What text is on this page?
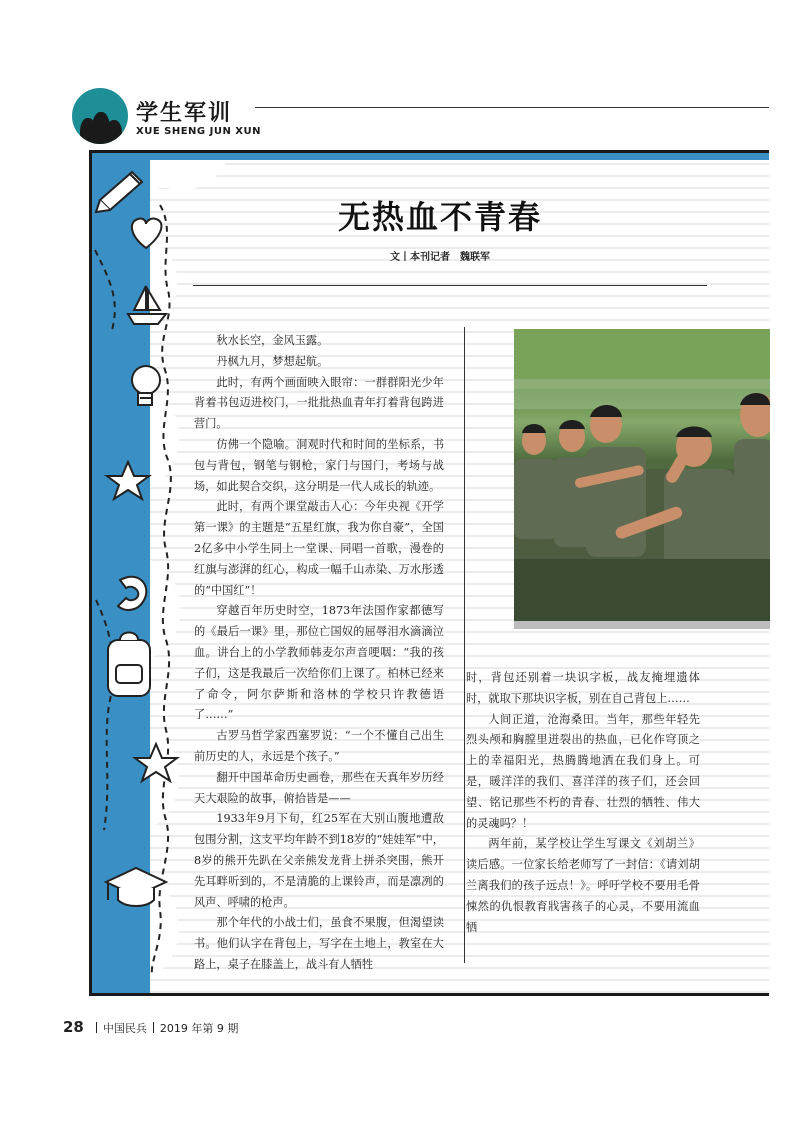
学生军训
XUE SHENG JUN XUN
无热血不青春
文丨本刊记者　魏联军

秋水长空，金风玉露。

丹枫九月，梦想起航。

此时，有两个画面映入眼帘：一群群阳光少年背着书包迈进校门，一批批热血青年打着背包跨进营门。

仿佛一个隐喻。洞观时代和时间的坐标系，书包与背包，钢笔与钢枪，家门与国门，考场与战场，如此契合交织，这分明是一代人成长的轨迹。

此时，有两个课堂敲击人心：今年央视《开学第一课》的主题是“五星红旗，我为你自豪”，全国2亿多中小学生同上一堂课、同唱一首歌，漫卷的红旗与澎湃的红心，构成一幅千山赤染、万水彤透的“中国红”！

穿越百年历史时空，1873年法国作家都德写的《最后一课》里，那位亡国奴的屈辱泪水滴滴泣血。讲台上的小学教师韩麦尔声音哽咽：“我的孩子们，这是我最后一次给你们上课了。柏林已经来了命令，阿尔萨斯和洛林的学校只许教德语了……”

古罗马哲学家西塞罗说：“一个不懂自己出生前历史的人，永远是个孩子。”

翻开中国革命历史画卷，那些在天真年岁历经天大艰险的故事，俯拾皆是——

1933年9月下旬，红25军在大别山腹地遭敌包围分割，这支平均年龄不到18岁的“娃娃军”中，8岁的熊开先趴在父亲熊发龙背上拼杀突围，熊开先耳畔听到的，不是清脆的上课铃声，而是凛冽的风声、呼啸的枪声。

那个年代的小战士们，虽食不果腹，但渴望读书。他们认字在背包上，写字在土地上，教室在大路上，桌子在膝盖上，战斗有人牺牲

时，背包还别着一块识字板，战友掩埋遗体时，就取下那块识字板，别在自己背包上……

人间正道，沧海桑田。当年，那些年轻先烈头颅和胸膛里迸裂出的热血，已化作穹顶之上的幸福阳光，热腾腾地洒在我们身上。可是，暖洋洋的我们、喜洋洋的孩子们，还会回望、铭记那些不朽的青春、壮烈的牺牲、伟大的灵魂吗？！

两年前，某学校让学生写课文《刘胡兰》读后感。一位家长给老师写了一封信：《请刘胡兰离我们的孩子远点！》。呼吁学校不要用毛骨悚然的仇恨教育戕害孩子的心灵，不要用流血牺

28 中国民兵 2019 年第 9 期
